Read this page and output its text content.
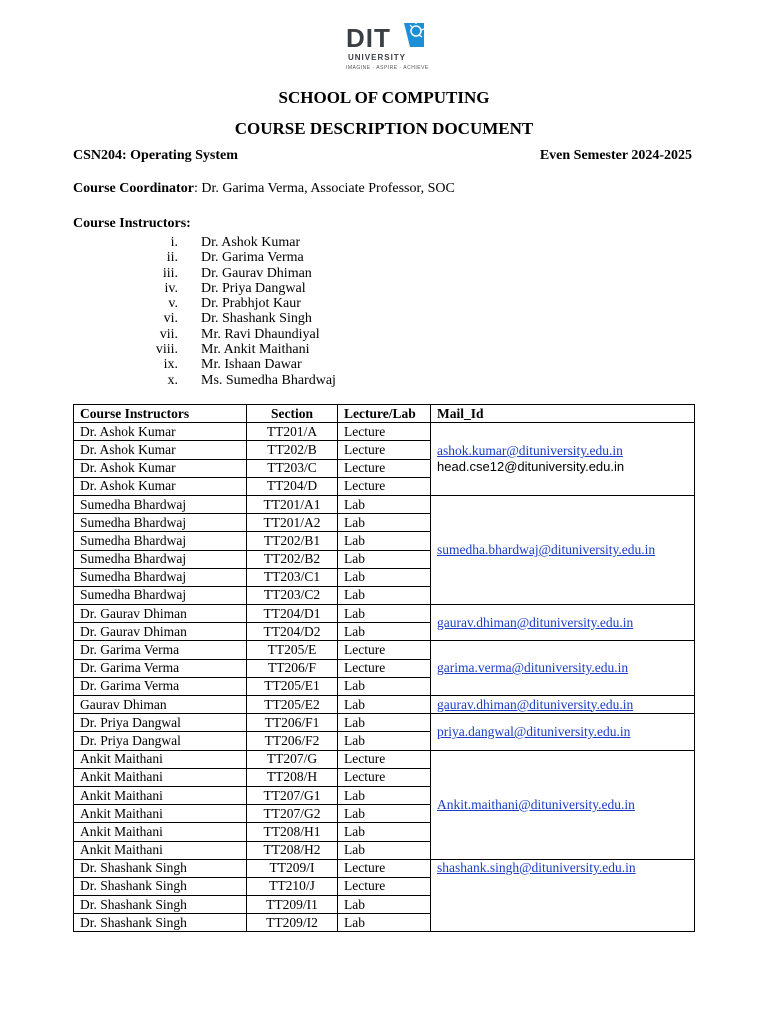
DIT
UNIVERSITY
IMAGINE · ASPIRE · ACHIEVE
SCHOOL OF COMPUTING
COURSE DESCRIPTION DOCUMENT
CSN204: Operating System	Even Semester 2024-2025
Course Coordinator: Dr. Garima Verma, Associate Professor, SOC
Course Instructors:
i. Dr. Ashok Kumar
ii. Dr. Garima Verma
iii. Dr. Gaurav Dhiman
iv. Dr. Priya Dangwal
v. Dr. Prabhjot Kaur
vi. Dr. Shashank Singh
vii. Mr. Ravi Dhaundiyal
viii. Mr. Ankit Maithani
ix. Mr. Ishaan Dawar
x. Ms. Sumedha Bhardwaj
Course Instructors	Section	Lecture/Lab	Mail_Id
Dr. Ashok Kumar	TT201/A	Lecture	ashok.kumar@dituniversity.edu.in
head.cse12@dituniversity.edu.in

Dr. Ashok Kumar	TT202/B	Lecture	
Dr. Ashok Kumar	TT203/C	Lecture	
Dr. Ashok Kumar	TT204/D	Lecture	
Sumedha Bhardwaj	TT201/A1	Lab	sumedha.bhardwaj@dituniversity.edu.in

Sumedha Bhardwaj	TT201/A2	Lab	
Sumedha Bhardwaj	TT202/B1	Lab	
Sumedha Bhardwaj	TT202/B2	Lab	
Sumedha Bhardwaj	TT203/C1	Lab	
Sumedha Bhardwaj	TT203/C2	Lab	
Dr. Gaurav Dhiman	TT204/D1	Lab	gaurav.dhiman@dituniversity.edu.in

Dr. Gaurav Dhiman	TT204/D2	Lab	
Dr. Garima Verma	TT205/E	Lecture	garima.verma@dituniversity.edu.in

Dr. Garima Verma	TT206/F	Lecture	
Dr. Garima Verma	TT205/E1	Lab	
Gaurav Dhiman	TT205/E2	Lab	gaurav.dhiman@dituniversity.edu.in

Dr. Priya Dangwal	TT206/F1	Lab	priya.dangwal@dituniversity.edu.in

Dr. Priya Dangwal	TT206/F2	Lab	
Ankit Maithani	TT207/G	Lecture	Ankit.maithani@dituniversity.edu.in

Ankit Maithani	TT208/H	Lecture	
Ankit Maithani	TT207/G1	Lab	
Ankit Maithani	TT207/G2	Lab	
Ankit Maithani	TT208/H1	Lab	
Ankit Maithani	TT208/H2	Lab	
Dr. Shashank Singh	TT209/I	Lecture	shashank.singh@dituniversity.edu.in

Dr. Shashank Singh	TT210/J	Lecture	
Dr. Shashank Singh	TT209/I1	Lab	
Dr. Shashank Singh	TT209/I2	Lab	
